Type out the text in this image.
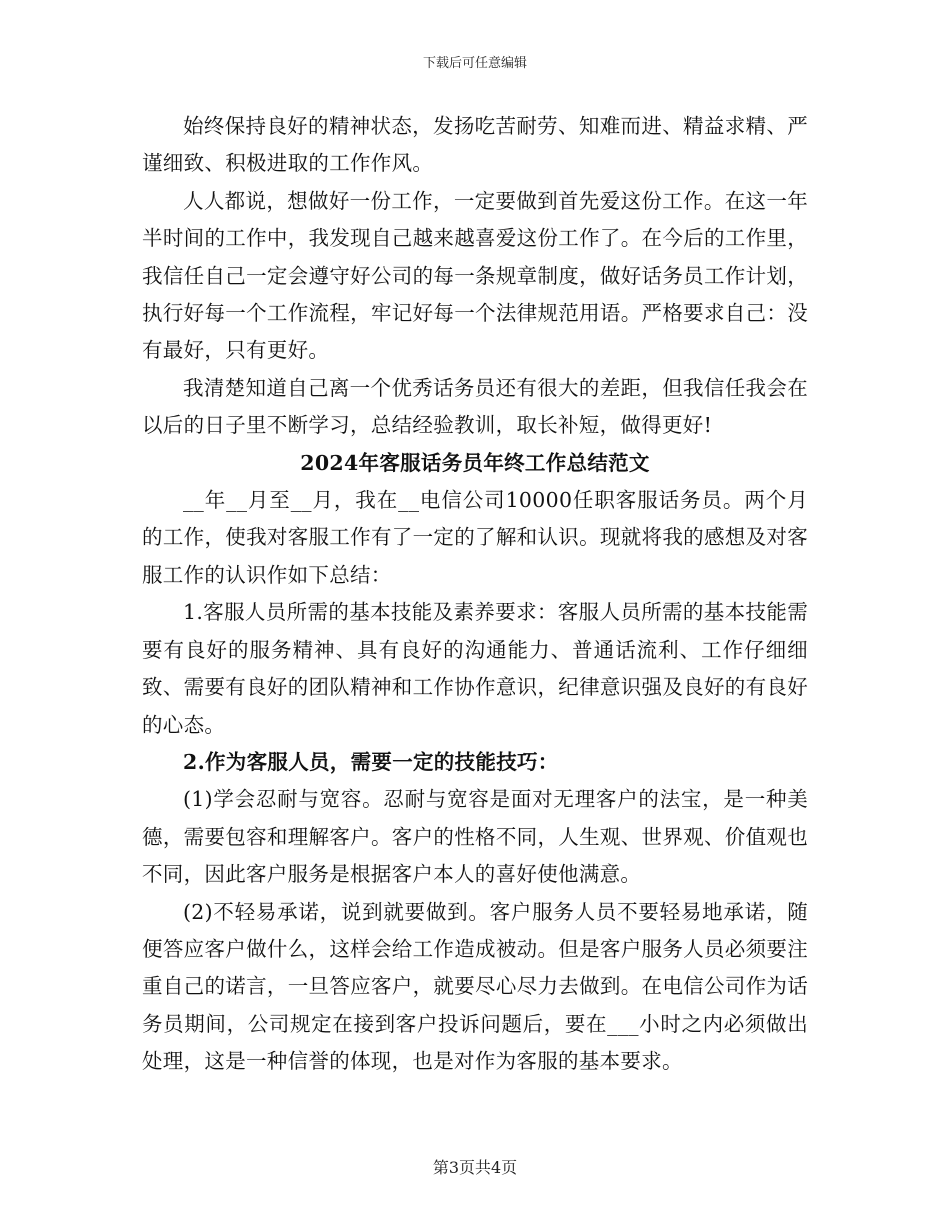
下载后可任意编辑

始终保持良好的精神状态，发扬吃苦耐劳、知难而进、精益求精、严谨细致、积极进取的工作作风。

人人都说，想做好一份工作，一定要做到首先爱这份工作。在这一年半时间的工作中，我发现自己越来越喜爱这份工作了。在今后的工作里，我信任自己一定会遵守好公司的每一条规章制度，做好话务员工作计划，执行好每一个工作流程，牢记好每一个法律规范用语。严格要求自己：没有最好，只有更好。

我清楚知道自己离一个优秀话务员还有很大的差距，但我信任我会在以后的日子里不断学习，总结经验教训，取长补短，做得更好!

2024年客服话务员年终工作总结范文

__年__月至__月，我在__电信公司10000任职客服话务员。两个月的工作，使我对客服工作有了一定的了解和认识。现就将我的感想及对客服工作的认识作如下总结：

1.客服人员所需的基本技能及素养要求：客服人员所需的基本技能需要有良好的服务精神、具有良好的沟通能力、普通话流利、工作仔细细致、需要有良好的团队精神和工作协作意识，纪律意识强及良好的有良好的心态。

2.作为客服人员，需要一定的技能技巧：

(1)学会忍耐与宽容。忍耐与宽容是面对无理客户的法宝，是一种美德，需要包容和理解客户。客户的性格不同，人生观、世界观、价值观也不同，因此客户服务是根据客户本人的喜好使他满意。

(2)不轻易承诺，说到就要做到。客户服务人员不要轻易地承诺，随便答应客户做什么，这样会给工作造成被动。但是客户服务人员必须要注重自己的诺言，一旦答应客户，就要尽心尽力去做到。在电信公司作为话务员期间，公司规定在接到客户投诉问题后，要在___小时之内必须做出处理，这是一种信誉的体现，也是对作为客服的基本要求。

第3页共4页
